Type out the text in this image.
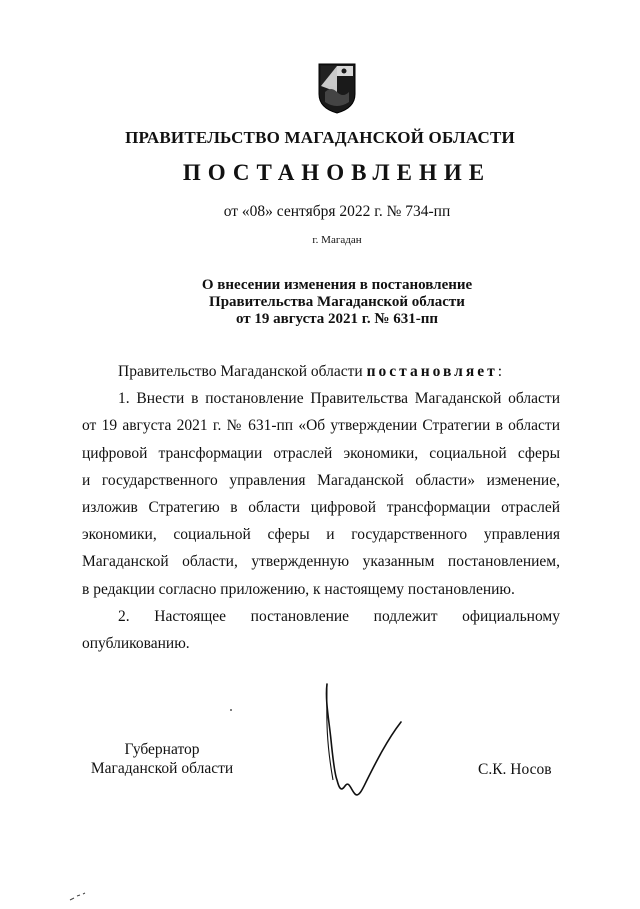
ПРАВИТЕЛЬСТВО МАГАДАНСКОЙ ОБЛАСТИ
ПОСТАНОВЛЕНИЕ
от «08» сентября 2022 г. № 734-пп
г. Магадан
О внесении изменения в постановление
Правительства Магаданской области
от 19 августа 2021 г. № 631-пп

Правительство Магаданской области постановляет:

1. Внести в постановление Правительства Магаданской области

от 19 августа 2021 г. № 631-пп «Об утверждении Стратегии в области

цифровой трансформации отраслей экономики, социальной сферы

и государственного управления Магаданской области» изменение,

изложив Стратегию в области цифровой трансформации отраслей

экономики, социальной сферы и государственного управления

Магаданской области, утвержденную указанным постановлением,

в редакции согласно приложению, к настоящему постановлению.

2. Настоящее постановление подлежит официальному

опубликованию.

Губернатор
Магаданской области	С.К. Носов
